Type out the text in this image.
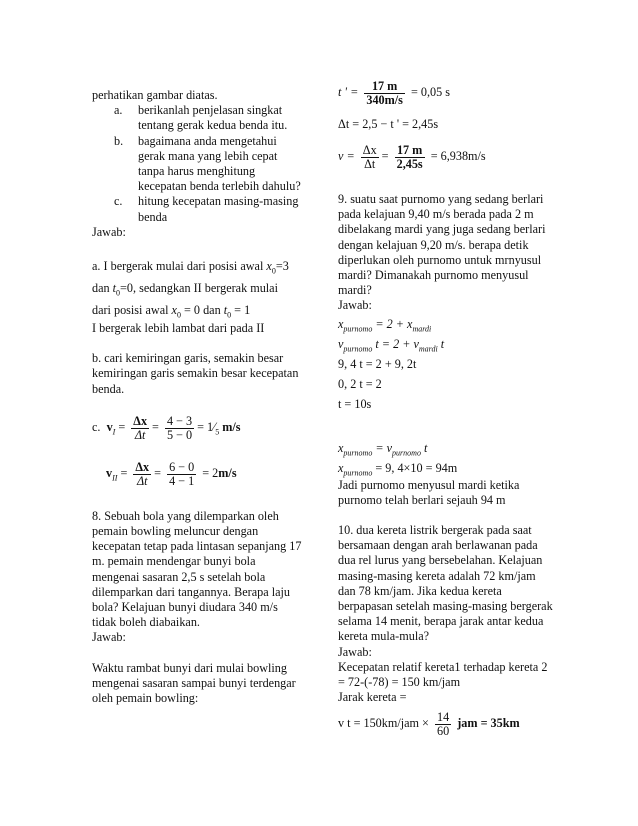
perhatikan gambar diatas.

a. berikanlah penjelasan singkat tentang gerak kedua benda itu.
b. bagaimana anda mengetahui gerak mana yang lebih cepat tanpa harus menghitung kecepatan benda terlebih dahulu?
c. hitung kecepatan masing-masing benda

Jawab:

a. I bergerak mulai dari posisi awal $x_0=3$

dan $t_0=0$, sedangkan II bergerak mulai

dari posisi awal $x_0 = 0$ dan $t_0 = 1$

I bergerak lebih lambat dari pada II

b. cari kemiringan garis, semakin besar kemiringan garis semakin besar kecepatan benda.

c. $v_I = \frac{\Delta x}{\Delta t} = \frac{4 - 3}{5 - 0}$ = $1⁄_5$ m/s
$v_{II} = \frac{\Delta x}{\Delta t} = \frac{6 - 0}{4 - 1} = 2m/s$

8. Sebuah bola yang dilemparkan oleh pemain bowling meluncur dengan kecepatan tetap pada lintasan sepanjang 17 m. pemain mendengar bunyi bola mengenai sasaran 2,5 s setelah bola dilemparkan dari tangannya. Berapa laju bola? Kelajuan bunyi diudara 340 m/s tidak boleh diabaikan.

Jawab:

Waktu rambat bunyi dari mulai bowling mengenai sasaran sampai bunyi terdengar oleh pemain bowling:

t ' = $\frac{17 m}{340m/s} = 0,05$ s

Δt = 2,5 − t ' = 2,45s

$v = \frac{\Delta x}{\Delta t} = \frac{17 m}{2,45s} = 6,938m/s$

9. suatu saat purnomo yang sedang berlari pada kelajuan 9,40 m/s berada pada 2 m dibelakang mardi yang juga sedang berlari dengan kelajuan 9,20 m/s. berapa detik diperlukan oleh purnomo untuk mrnyusul mardi? Dimanakah purnomo menyusul mardi?

Jawab:

$x_{purnomo} = 2 + x_{mardi}$

$v_{purnomo}$ $t = 2 + v_{mardi}$ t

9, 4 t = 2 + 9, 2t

0, 2 t = 2

t = 10s

$x_{purnomo} = v_{purnomo}$ t

$x_{purnomo} = 9$, 4×10 = 94m

Jadi purnomo menyusul mardi ketika purnomo telah berlari sejauh 94 m

10. dua kereta listrik bergerak pada saat bersamaan dengan arah berlawanan pada dua rel lurus yang bersebelahan. Kelajuan masing-masing kereta adalah 72 km/jam dan 78 km/jam. Jika kedua kereta berpapasan setelah masing-masing bergerak selama 14 menit, berapa jarak antar kedua kereta mula-mula?

Jawab:

Kecepatan relatif kereta1 terhadap kereta 2 = 72-(-78) = 150 km/jam

Jarak kereta =

v $t = 150km/jam \times \frac{14}{60}$ jam = 35km
